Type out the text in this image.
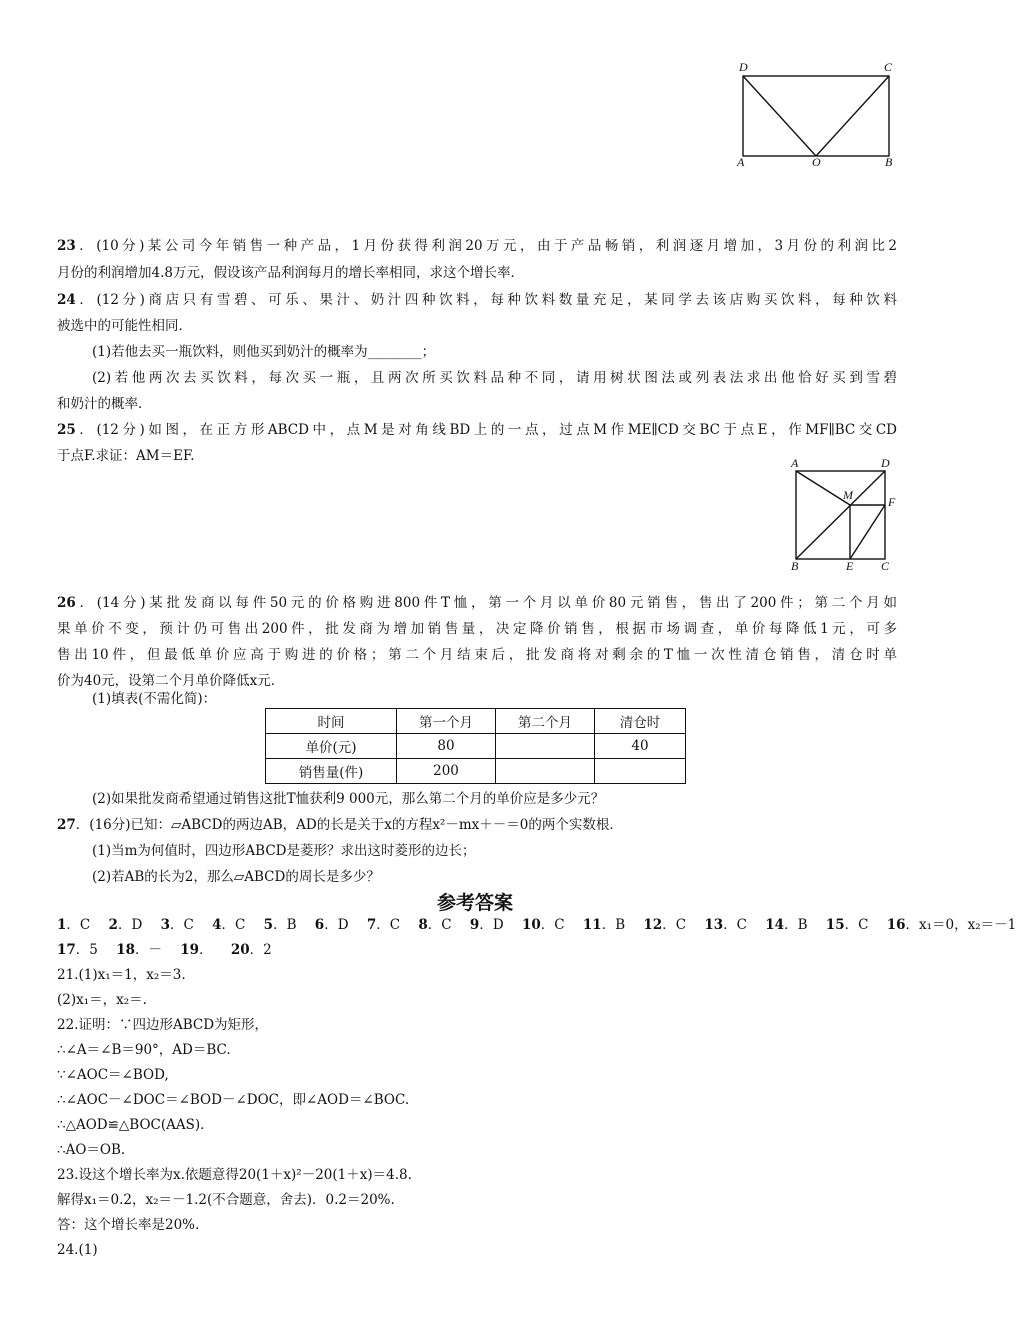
D	C
A	O	B
23．(10分)某公司今年销售一种产品，1月份获得利润20万元，由于产品畅销，利润逐月增加，3月份的利润比2
月份的利润增加4.8万元，假设该产品利润每月的增长率相同，求这个增长率．
24．(12分)商店只有雪碧、可乐、果汁、奶汁四种饮料，每种饮料数量充足，某同学去该店购买饮料，每种饮料
被选中的可能性相同．
(1)若他去买一瓶饮料，则他买到奶汁的概率为________；
(2)若他两次去买饮料，每次买一瓶，且两次所买饮料品种不同，请用树状图法或列表法求出他恰好买到雪碧
和奶汁的概率．
25．(12分)如图，在正方形ABCD中，点M是对角线BD上的一点，过点M作ME∥CD交BC于点E，作MF∥BC交CD
于点F.求证：AM＝EF.	A	D
M	F
B	E C
26．(14分)某批发商以每件50元的价格购进800件T恤，第一个月以单价80元销售，售出了200件；第二个月如
果单价不变，预计仍可售出200件，批发商为增加销售量，决定降价销售，根据市场调查，单价每降低1元，可多
售出10件，但最低单价应高于购进的价格；第二个月结束后，批发商将对剩余的T恤一次性清仓销售，清仓时单
价为40元，设第二个月单价降低x元．
(1)填表(不需化简)：
时间	第一个月	第二个月	清仓时
单价(元)	80		40
销售量(件)	200		
(2)如果批发商希望通过销售这批T恤获利9 000元，那么第二个月的单价应是多少元？
27．(16分)已知：▱ABCD的两边AB，AD的长是关于x的方程x²－mx＋－＝0的两个实数根．
(1)当m为何值时，四边形ABCD是菱形？求出这时菱形的边长；
(2)若AB的长为2，那么▱ABCD的周长是多少？
参考答案
1．C 2．D 3．C 4．C 5．B 6．D 7．C 8．C 9．D 10．C 11．B 12．C 13．C 14．B 15．C 16．x₁＝0，x₂＝－1
17．5 18．－ 19． 20．2
21.(1)x₁＝1，x₂＝3.
(2)x₁＝，x₂＝.
22.证明：∵四边形ABCD为矩形，
∴∠A＝∠B＝90°，AD＝BC.
∵∠AOC＝∠BOD,
∴∠AOC－∠DOC＝∠BOD－∠DOC，即∠AOD＝∠BOC.
∴△AOD≌△BOC(AAS)．
∴AO＝OB.
23.设这个增长率为x.依题意得20(1＋x)²－20(1＋x)＝4.8.
解得x₁＝0.2，x₂＝－1.2(不合题意，舍去)．0.2＝20%.
答：这个增长率是20%.
24.(1)
